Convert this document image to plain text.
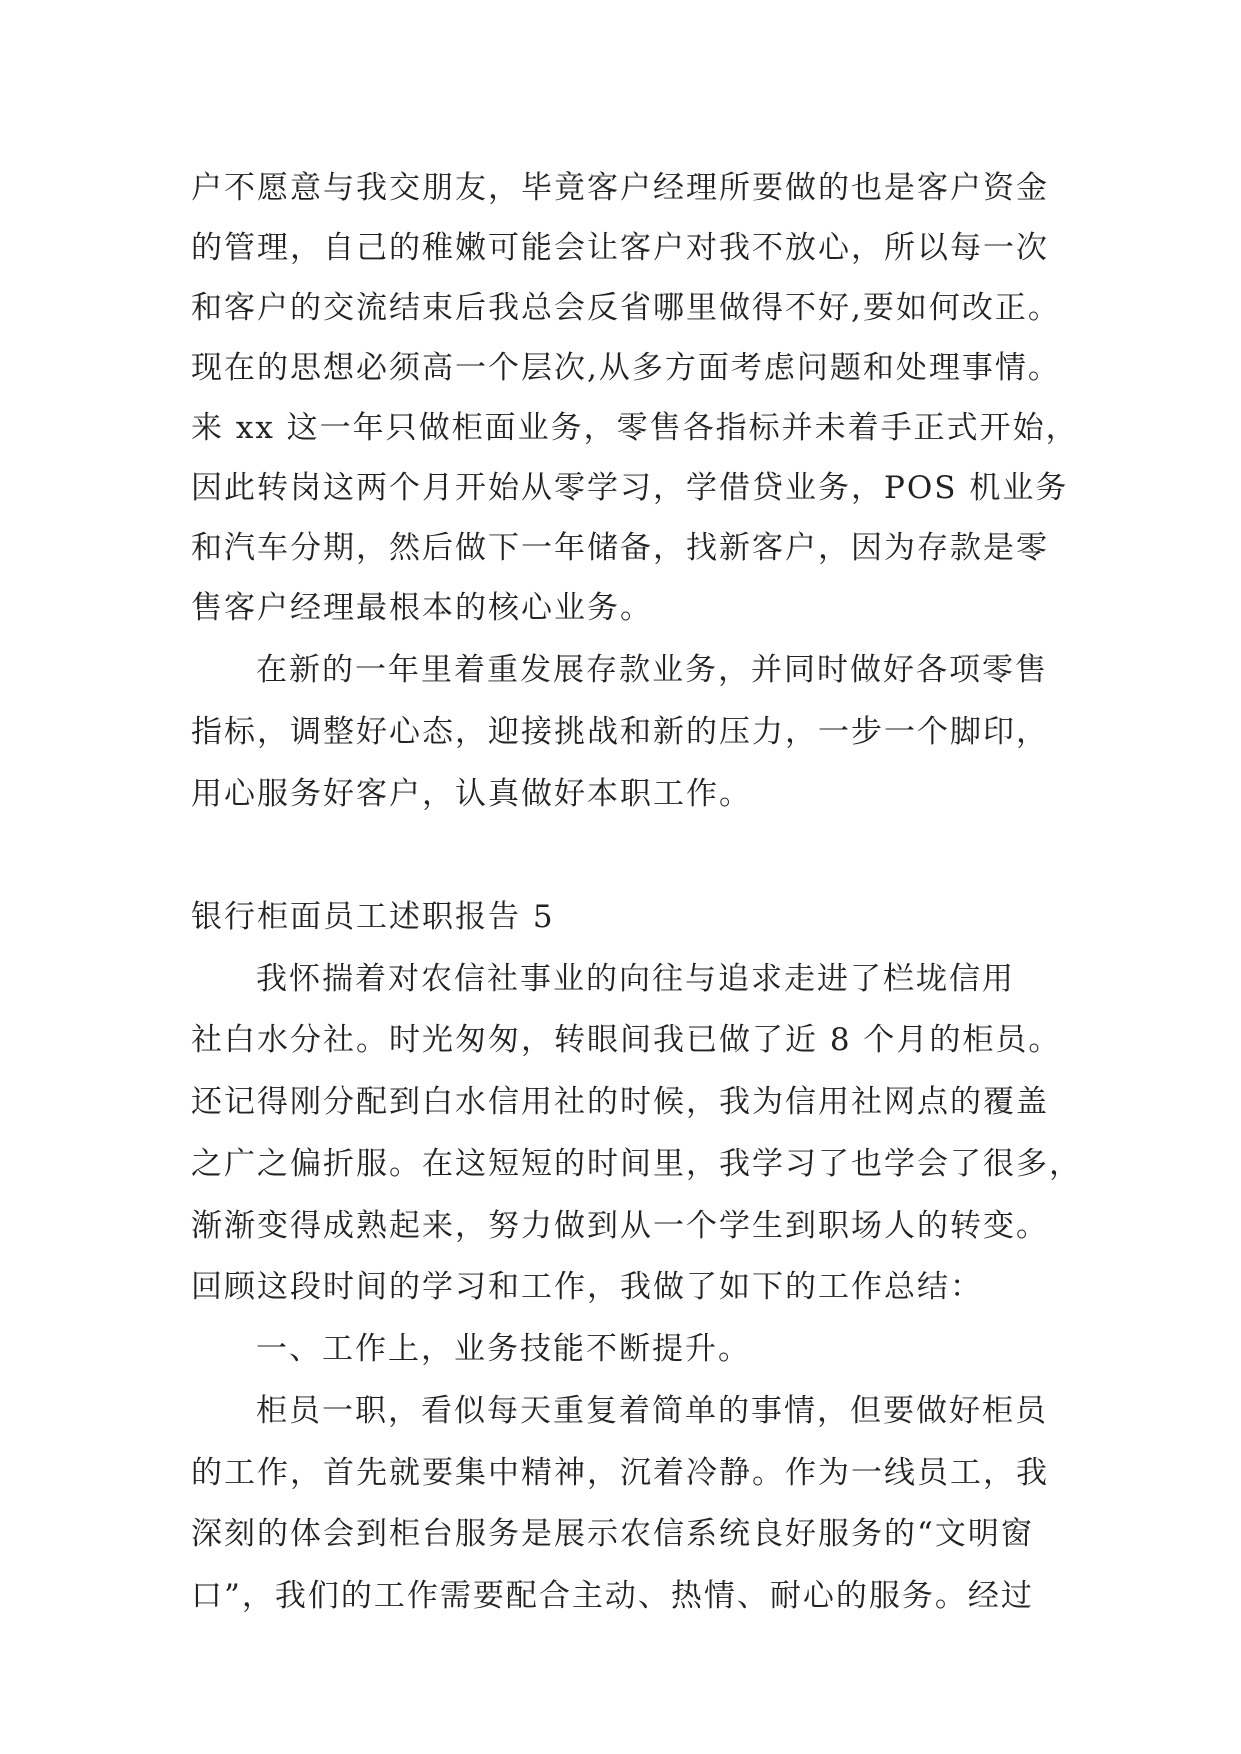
户不愿意与我交朋友，毕竟客户经理所要做的也是客户资金
的管理，自己的稚嫩可能会让客户对我不放心，所以每一次
和客户的交流结束后我总会反省哪里做得不好,要如何改正。
现在的思想必须高一个层次,从多方面考虑问题和处理事情。
来 xx 这一年只做柜面业务，零售各指标并未着手正式开始，
因此转岗这两个月开始从零学习，学借贷业务，POS 机业务
和汽车分期，然后做下一年储备，找新客户，因为存款是零
售客户经理最根本的核心业务。
在新的一年里着重发展存款业务，并同时做好各项零售
指标，调整好心态，迎接挑战和新的压力，一步一个脚印，
用心服务好客户，认真做好本职工作。
银行柜面员工述职报告 5
我怀揣着对农信社事业的向往与追求走进了栏垅信用
社白水分社。时光匆匆，转眼间我已做了近 8 个月的柜员。
还记得刚分配到白水信用社的时候，我为信用社网点的覆盖
之广之偏折服。在这短短的时间里，我学习了也学会了很多，
渐渐变得成熟起来，努力做到从一个学生到职场人的转变。
回顾这段时间的学习和工作，我做了如下的工作总结：
一、工作上，业务技能不断提升。
柜员一职，看似每天重复着简单的事情，但要做好柜员
的工作，首先就要集中精神，沉着冷静。作为一线员工，我
深刻的体会到柜台服务是展示农信系统良好服务的“文明窗
口”，我们的工作需要配合主动、热情、耐心的服务。经过
